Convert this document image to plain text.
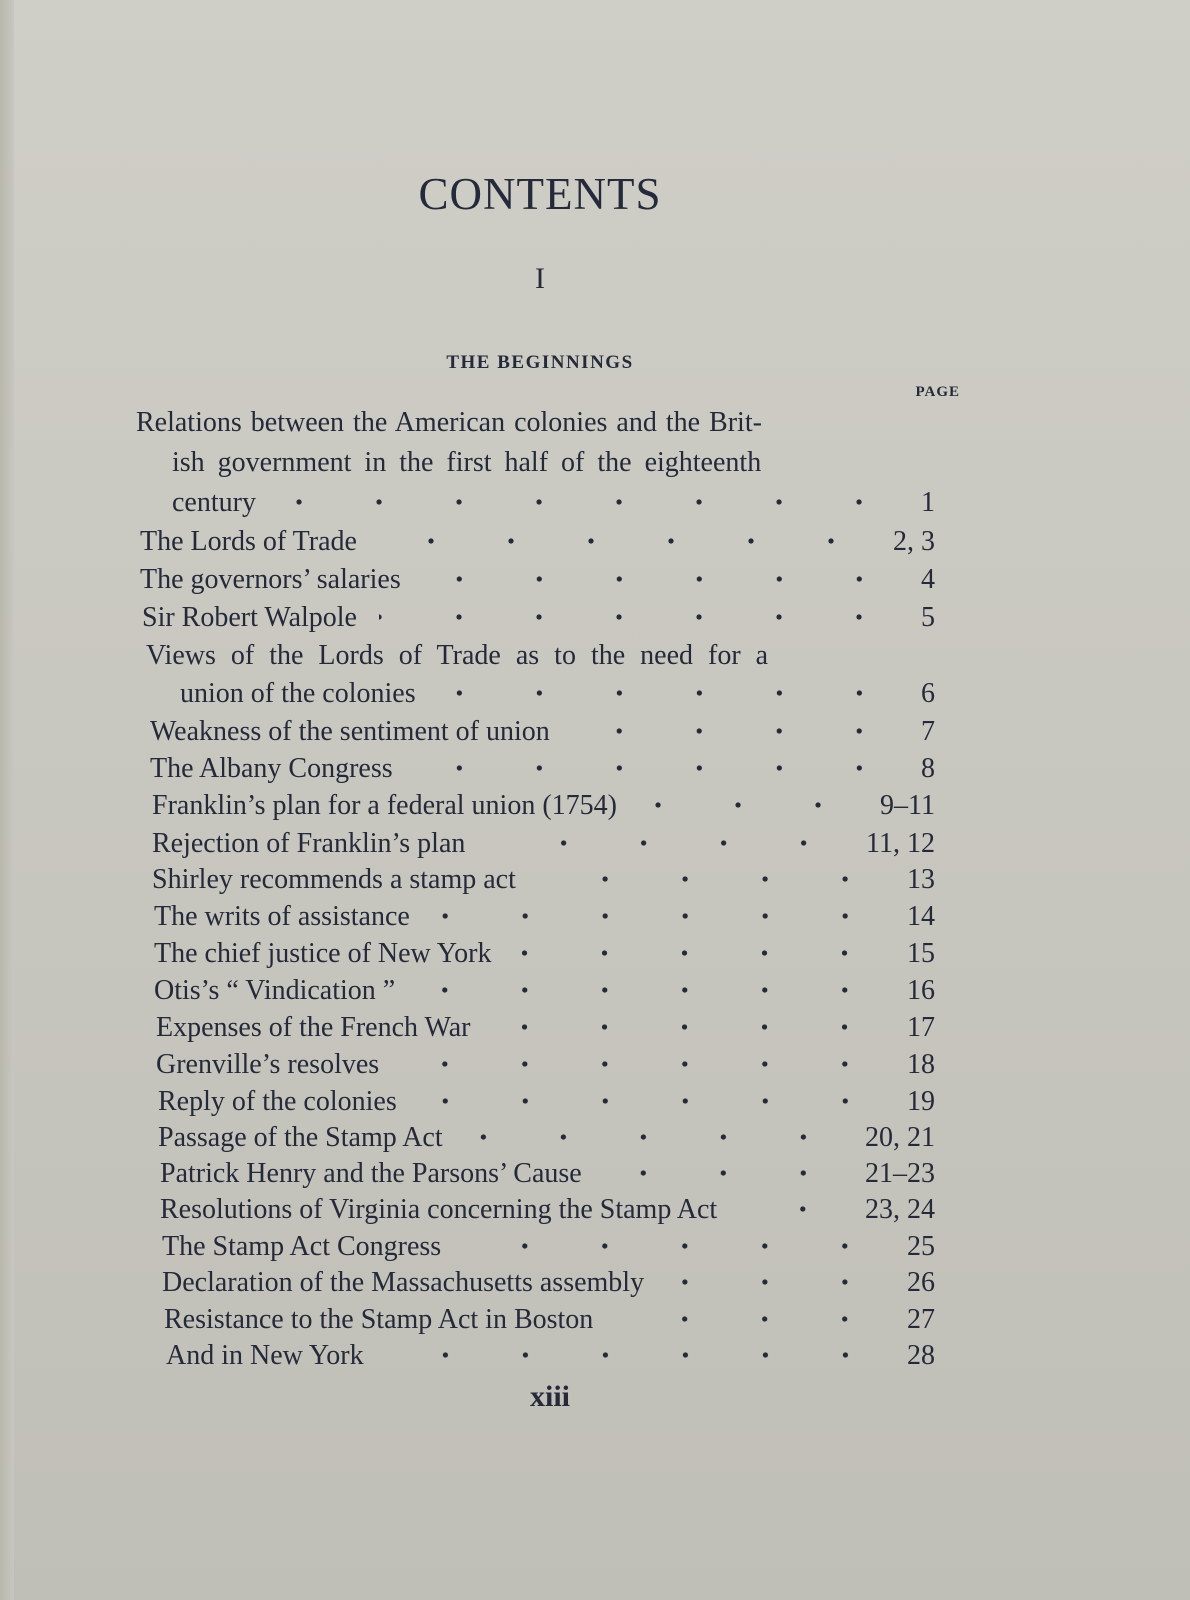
CONTENTS
I
THE BEGINNINGS
PAGE
Relations between the American colonies and the Brit-
ish government in the first half of the eighteenth
century	1
The Lords of Trade	2, 3
The governors’ salaries	4
Sir Robert Walpole	5
Views of the Lords of Trade as to the need for a
union of the colonies	6
Weakness of the sentiment of union	7
The Albany Congress	8
Franklin’s plan for a federal union (1754)	9–11
Rejection of Franklin’s plan	11, 12
Shirley recommends a stamp act	13
The writs of assistance	14
The chief justice of New York	15
Otis’s “ Vindication ”	16
Expenses of the French War	17
Grenville’s resolves	18
Reply of the colonies	19
Passage of the Stamp Act	20, 21
Patrick Henry and the Parsons’ Cause	21–23
Resolutions of Virginia concerning the Stamp Act	23, 24
The Stamp Act Congress	25
Declaration of the Massachusetts assembly	26
Resistance to the Stamp Act in Boston	27
And in New York	28
xiii
